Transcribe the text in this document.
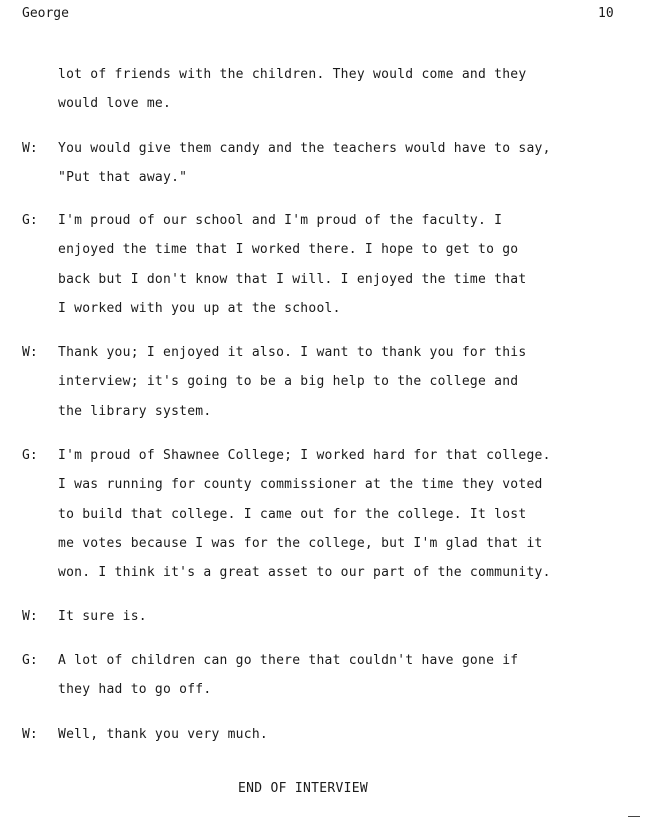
George	10
lot of friends with the children. They would come and they
would love me.
W: You would give them candy and the teachers would have to say,
"Put that away."
G: I'm proud of our school and I'm proud of the faculty. I
enjoyed the time that I worked there. I hope to get to go
back but I don't know that I will. I enjoyed the time that
I worked with you up at the school.
W: Thank you; I enjoyed it also. I want to thank you for this
interview; it's going to be a big help to the college and
the library system.
G: I'm proud of Shawnee College; I worked hard for that college.
I was running for county commissioner at the time they voted
to build that college. I came out for the college. It lost
me votes because I was for the college, but I'm glad that it
won. I think it's a great asset to our part of the community.
W: It sure is.
G: A lot of children can go there that couldn't have gone if
they had to go off.
W: Well, thank you very much.
END OF INTERVIEW
